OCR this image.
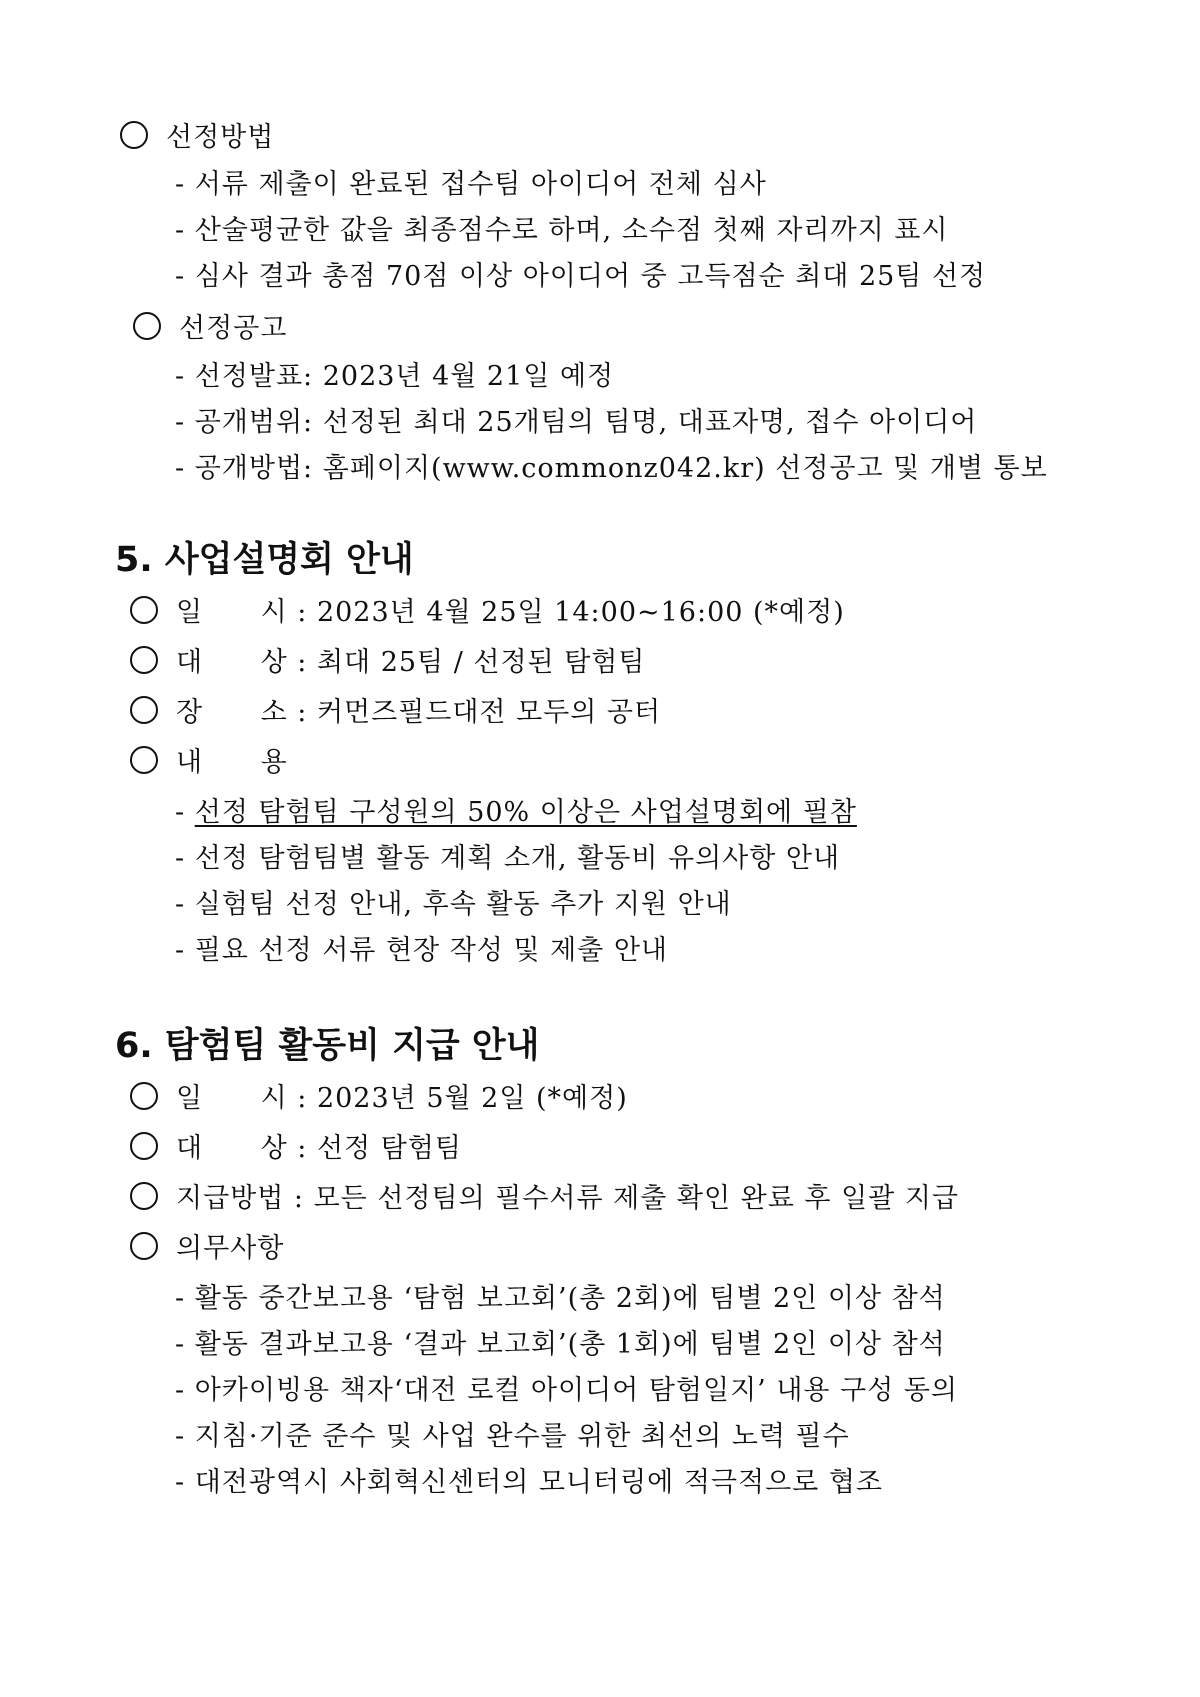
선정방법
- 서류 제출이 완료된 접수팀 아이디어 전체 심사
- 산술평균한 값을 최종점수로 하며, 소수점 첫째 자리까지 표시
- 심사 결과 총점 70점 이상 아이디어 중 고득점순 최대 25팀 선정
선정공고
- 선정발표: 2023년 4월 21일 예정
- 공개범위: 선정된 최대 25개팀의 팀명, 대표자명, 접수 아이디어
- 공개방법: 홈페이지(www.commonz042.kr) 선정공고 및 개별 통보
5. 사업설명회 안내
일      시 : 2023년 4월 25일 14:00~16:00 (*예정)
대      상 : 최대 25팀 / 선정된 탐험팀
장      소 : 커먼즈필드대전 모두의 공터
내      용
- 선정 탐험팀 구성원의 50% 이상은 사업설명회에 필참
- 선정 탐험팀별 활동 계획 소개, 활동비 유의사항 안내
- 실험팀 선정 안내, 후속 활동 추가 지원 안내
- 필요 선정 서류 현장 작성 및 제출 안내
6. 탐험팀 활동비 지급 안내
일      시 : 2023년 5월 2일 (*예정)
대      상 : 선정 탐험팀
지급방법 : 모든 선정팀의 필수서류 제출 확인 완료 후 일괄 지급
의무사항
- 활동 중간보고용 ‘탐험 보고회’(총 2회)에 팀별 2인 이상 참석
- 활동 결과보고용 ‘결과 보고회’(총 1회)에 팀별 2인 이상 참석
- 아카이빙용 책자‘대전 로컬 아이디어 탐험일지’ 내용 구성 동의
- 지침·기준 준수 및 사업 완수를 위한 최선의 노력 필수
- 대전광역시 사회혁신센터의 모니터링에 적극적으로 협조
